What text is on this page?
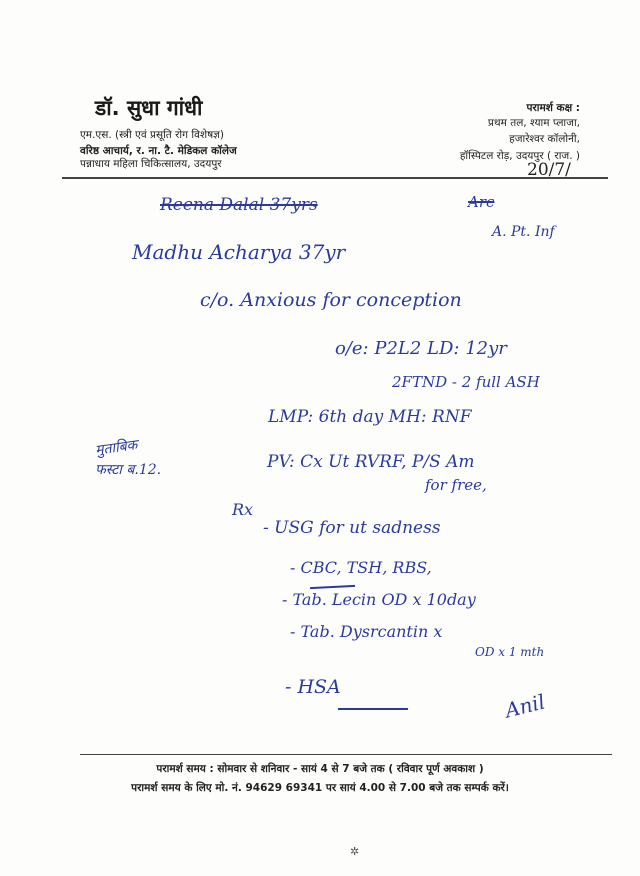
डॉ. सुधा गांधी
एम.एस. (स्त्री एवं प्रसूति रोग विशेषज्ञ)
वरिष्ठ आचार्य, र. ना. टै. मेडिकल कॉलेज
पन्नाधाय महिला चिकित्सालय, उदयपुर
परामर्श कक्ष :
प्रथम तल, श्याम प्लाजा,
हजारेश्वर कॉलोनी,
हॉस्पिटल रोड़, उदयपुर ( राज. )
20/7/
Reena Dalal 37yrs	Arc
A. Pt. Inf
Madhu Acharya 37yr
c/o. Anxious for conception
o/e: P2L2 LD: 12yr
2FTND - 2 full ASH
LMP: 6th day MH: RNF
मुताबिक
फस्टा ब.12.	PV: Cx Ut RVRF, P/S Am
for free,
Rx
- USG for ut sadness
- CBC, TSH, RBS,
- Tab. Lecin OD x 10day
- Tab. Dysrcantin x
OD x 1 mth
- HSA
Anil
परामर्श समय : सोमवार से शनिवार - सायं 4 से 7 बजे तक ( रविवार पूर्ण अवकाश )
परामर्श समय के लिए मो. नं. 94629 69341 पर सायं 4.00 से 7.00 बजे तक सम्पर्क करें।
✲
